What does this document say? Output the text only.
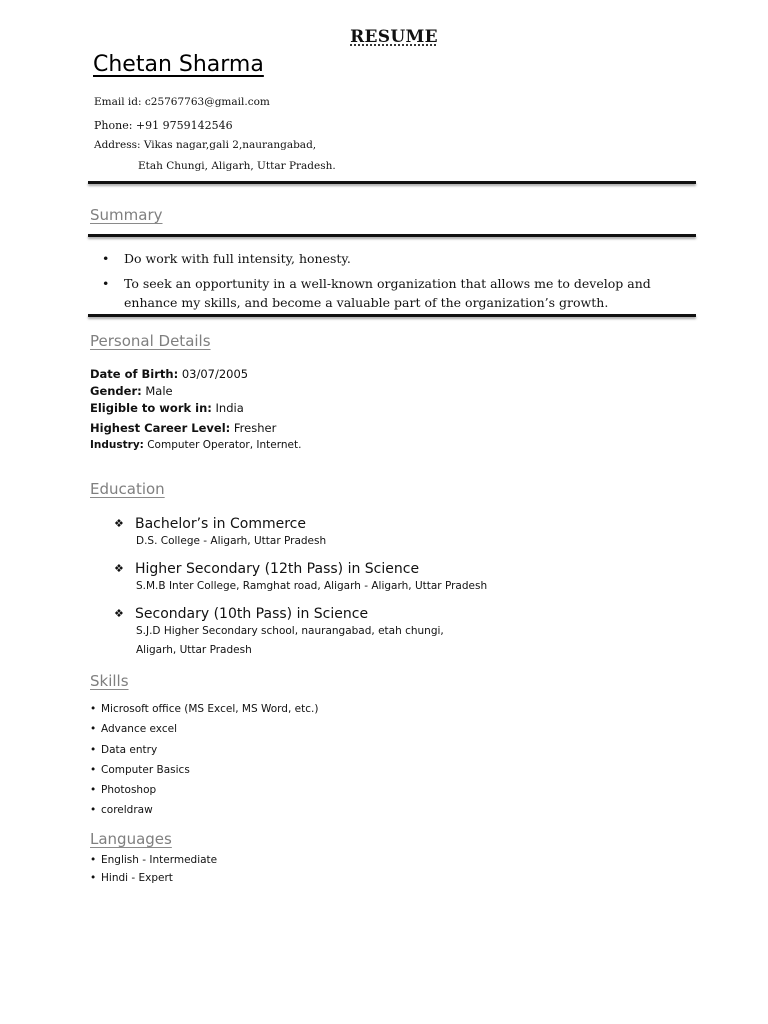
RESUME
Chetan Sharma
Email id: c25767763@gmail.com
Phone: +91 9759142546
Address: Vikas nagar,gali 2,naurangabad,
Etah Chungi, Aligarh, Uttar Pradesh.
Summary
• Do work with full intensity, honesty.
• To seek an opportunity in a well-known organization that allows me to develop and enhance my skills, and become a valuable part of the organization’s growth.
Personal Details
Date of Birth: 03/07/2005
Gender: Male
Eligible to work in: India
Highest Career Level: Fresher
Industry: Computer Operator, Internet.
Education
❖ Bachelor’s in Commerce
D.S. College - Aligarh, Uttar Pradesh
❖ Higher Secondary (12th Pass) in Science
S.M.B Inter College, Ramghat road, Aligarh - Aligarh, Uttar Pradesh
❖ Secondary (10th Pass) in Science
S.J.D Higher Secondary school, naurangabad, etah chungi,
Aligarh, Uttar Pradesh
Skills
• Microsoft office (MS Excel, MS Word, etc.)
• Advance excel
• Data entry
• Computer Basics
• Photoshop
• coreldraw
Languages
• English - Intermediate
• Hindi - Expert
